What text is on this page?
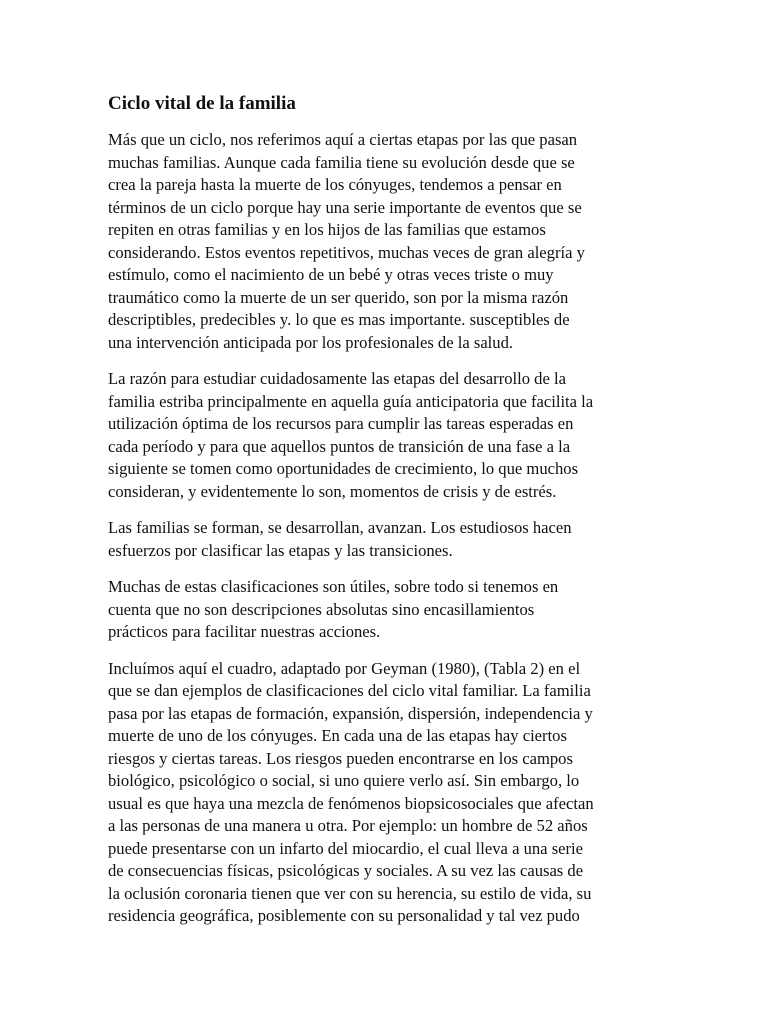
Ciclo vital de la familia

Más que un ciclo, nos referimos aquí a ciertas etapas por las que pasan
muchas familias. Aunque cada familia tiene su evolución desde que se
crea la pareja hasta la muerte de los cónyuges, tendemos a pensar en
términos de un ciclo porque hay una serie importante de eventos que se
repiten en otras familias y en los hijos de las familias que estamos
considerando. Estos eventos repetitivos, muchas veces de gran alegría y
estímulo, como el nacimiento de un bebé y otras veces triste o muy
traumático como la muerte de un ser querido, son por la misma razón
descriptibles, predecibles y. lo que es mas importante. susceptibles de
una intervención anticipada por los profesionales de la salud.

La razón para estudiar cuidadosamente las etapas del desarrollo de la
familia estriba principalmente en aquella guía anticipatoria que facilita la
utilización óptima de los recursos para cumplir las tareas esperadas en
cada período y para que aquellos puntos de transición de una fase a la
siguiente se tomen como oportunidades de crecimiento, lo que muchos
consideran, y evidentemente lo son, momentos de crisis y de estrés.

Las familias se forman, se desarrollan, avanzan. Los estudiosos hacen
esfuerzos por clasificar las etapas y las transiciones.

Muchas de estas clasificaciones son útiles, sobre todo si tenemos en
cuenta que no son descripciones absolutas sino encasillamientos
prácticos para facilitar nuestras acciones.

Incluímos aquí el cuadro, adaptado por Geyman (1980), (Tabla 2) en el
que se dan ejemplos de clasificaciones del ciclo vital familiar. La familia
pasa por las etapas de formación, expansión, dispersión, independencia y
muerte de uno de los cónyuges. En cada una de las etapas hay ciertos
riesgos y ciertas tareas. Los riesgos pueden encontrarse en los campos
biológico, psicológico o social, si uno quiere verlo así. Sin embargo, lo
usual es que haya una mezcla de fenómenos biopsicosociales que afectan
a las personas de una manera u otra. Por ejemplo: un hombre de 52 años
puede presentarse con un infarto del miocardio, el cual lleva a una serie
de consecuencias físicas, psicológicas y sociales. A su vez las causas de
la oclusión coronaria tienen que ver con su herencia, su estilo de vida, su
residencia geográfica, posiblemente con su personalidad y tal vez pudo
